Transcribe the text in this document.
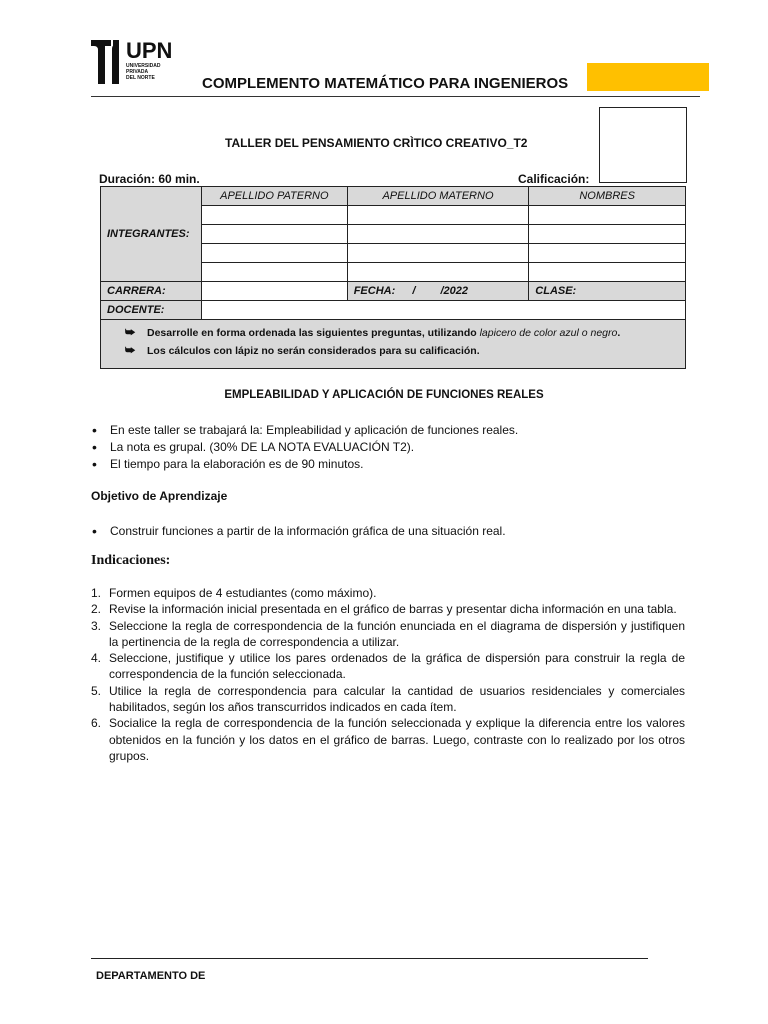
UPN
UNIVERSIDAD
PRIVADA
DEL NORTE	COMPLEMENTO MATEMÁTICO PARA INGENIEROS
TALLER DEL PENSAMIENTO CRÌTICO CREATIVO_T2
Duración: 60 min.	Calificación:
INTEGRANTES:	APELLIDO PATERNO	APELLIDO MATERNO	NOMBRES

CARRERA:		FECHA: / /2022	CLASE:
DOCENTE:			

⮩ Desarrolle en forma ordenada las siguientes preguntas, utilizando lapicero de color azul o negro.
⮩ Los cálculos con lápiz no serán considerados para su calificación.			
EMPLEABILIDAD Y APLICACIÓN DE FUNCIONES REALES
• En este taller se trabajará la: Empleabilidad y aplicación de funciones reales.
• La nota es grupal. (30% DE LA NOTA EVALUACIÓN T2).
• El tiempo para la elaboración es de 90 minutos.
Objetivo de Aprendizaje
• Construir funciones a partir de la información gráfica de una situación real.
Indicaciones:
1. Formen equipos de 4 estudiantes (como máximo).
2. Revise la información inicial presentada en el gráfico de barras y presentar dicha información en una tabla.
3. Seleccione la regla de correspondencia de la función enunciada en el diagrama de dispersión y justifiquen la pertinencia de la regla de correspondencia a utilizar.
4. Seleccione, justifique y utilice los pares ordenados de la gráfica de dispersión para construir la regla de correspondencia de la función seleccionada.
5. Utilice la regla de correspondencia para calcular la cantidad de usuarios residenciales y comerciales habilitados, según los años transcurridos indicados en cada ítem.
6. Socialice la regla de correspondencia de la función seleccionada y explique la diferencia entre los valores obtenidos en la función y los datos en el gráfico de barras. Luego, contraste con lo realizado por los otros grupos.
DEPARTAMENTO DE
